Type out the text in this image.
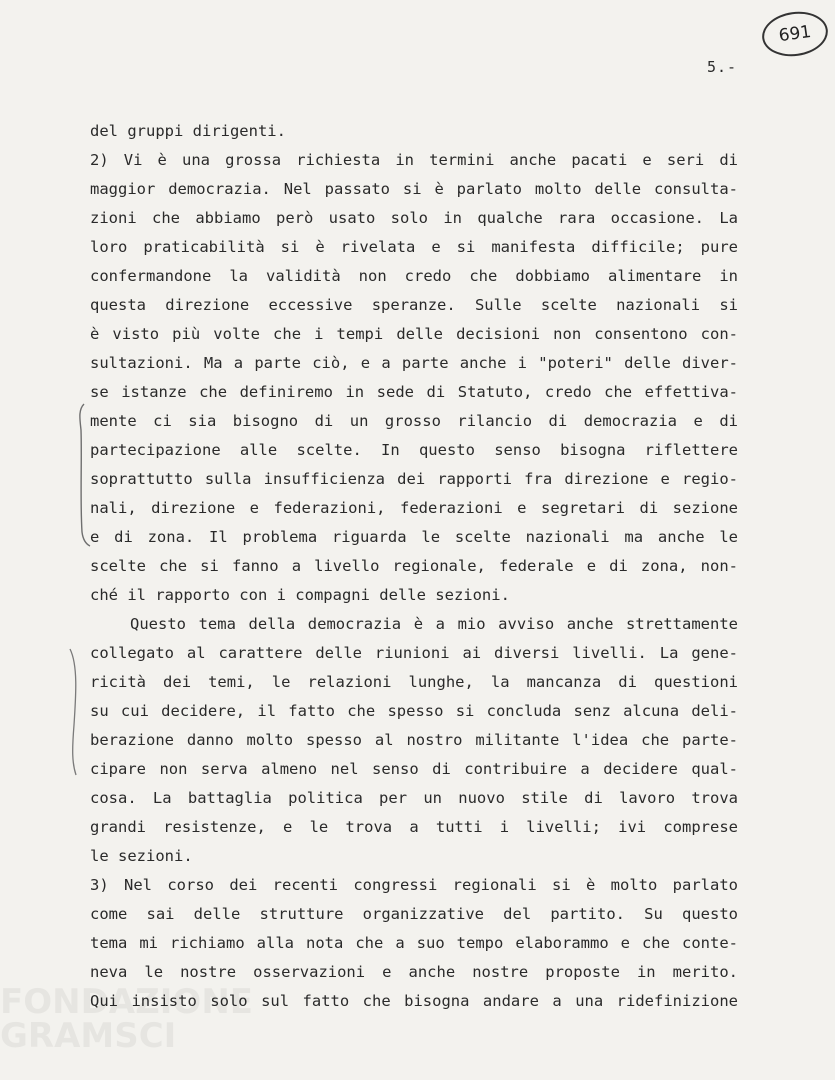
691
5.-
del gruppi dirigenti.
2) Vi è una grossa richiesta in termini anche pacati e seri di
maggior democrazia. Nel passato si è parlato molto delle consulta-
zioni che abbiamo però usato solo in qualche rara occasione. La
loro praticabilità si è rivelata e si manifesta difficile; pure
confermandone la validità non credo che dobbiamo alimentare in
questa direzione eccessive speranze. Sulle scelte nazionali si
è visto più volte che i tempi delle decisioni non consentono con-
sultazioni. Ma a parte ciò, e a parte anche i "poteri" delle diver-
se istanze che definiremo in sede di Statuto, credo che effettiva-
mente ci sia bisogno di un grosso rilancio di democrazia e di
partecipazione alle scelte. In questo senso bisogna riflettere
soprattutto sulla insufficienza dei rapporti fra direzione e regio-
nali, direzione e federazioni, federazioni e segretari di sezione
e di zona. Il problema riguarda le scelte nazionali ma anche le
scelte che si fanno a livello regionale, federale e di zona, non-
ché il rapporto con i compagni delle sezioni.
Questo tema della democrazia è a mio avviso anche strettamente
collegato al carattere delle riunioni ai diversi livelli. La gene-
ricità dei temi, le relazioni lunghe, la mancanza di questioni
su cui decidere, il fatto che spesso si concluda senz alcuna deli-
berazione danno molto spesso al nostro militante l'idea che parte-
cipare non serva almeno nel senso di contribuire a decidere qual-
cosa. La battaglia politica per un nuovo stile di lavoro trova
grandi resistenze, e le trova a tutti i livelli; ivi comprese
le sezioni.
3) Nel corso dei recenti congressi regionali si è molto parlato
come sai delle strutture organizzative del partito. Su questo
tema mi richiamo alla nota che a suo tempo elaborammo e che conte-
neva le nostre osservazioni e anche nostre proposte in merito.
Qui insisto solo sul fatto che bisogna andare a una ridefinizione
FONDAZIONE
GRAMSCI
